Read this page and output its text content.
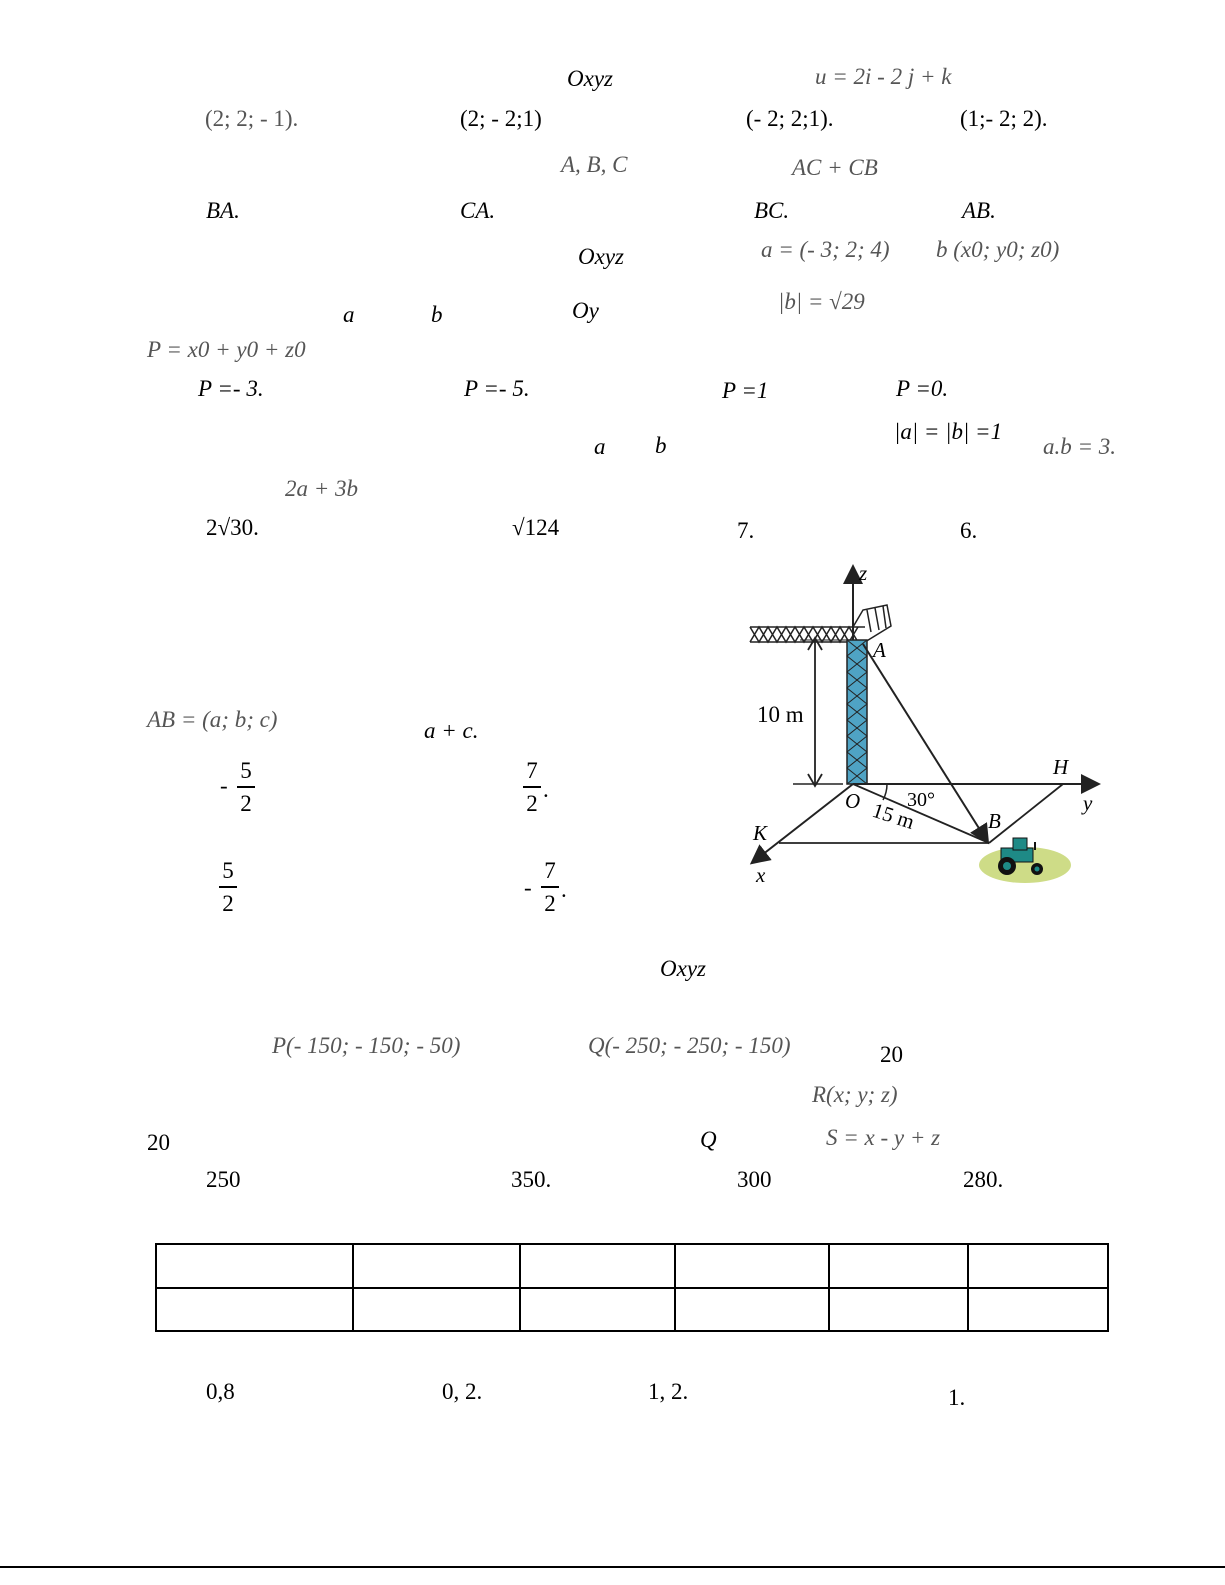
Oxyz	u = 2i - 2 j + k
(2; 2; - 1).	(2; - 2;1)	(- 2; 2;1).	(1;- 2; 2).
A, B, C	AC + CB
BA.	CA.	BC.	AB.
Oxyz	a = (- 3; 2; 4) b (x0; y0; z0)
a	b	Oy	|b| = √29
P = x0 + y0 + z0
P =- 3.	P =- 5.	P =1	P =0.
a b
|a| = |b| =1
a.b = 3.
2a + 3b
2√30.	√124	7.	6.
AB = (a; b; c)	a + c.
-
5
2
7
2
.
5
2
-
7
2
.
z
A
10 m
O 30°
15 m	B
H
y
K
x
Oxyz
P(- 150; - 150; - 50)	Q(- 250; - 250; - 150)	20
R(x; y; z)
20	Q	S = x - y + z
250	350.	300	280.

0,8	0, 2.	1, 2.	1.
